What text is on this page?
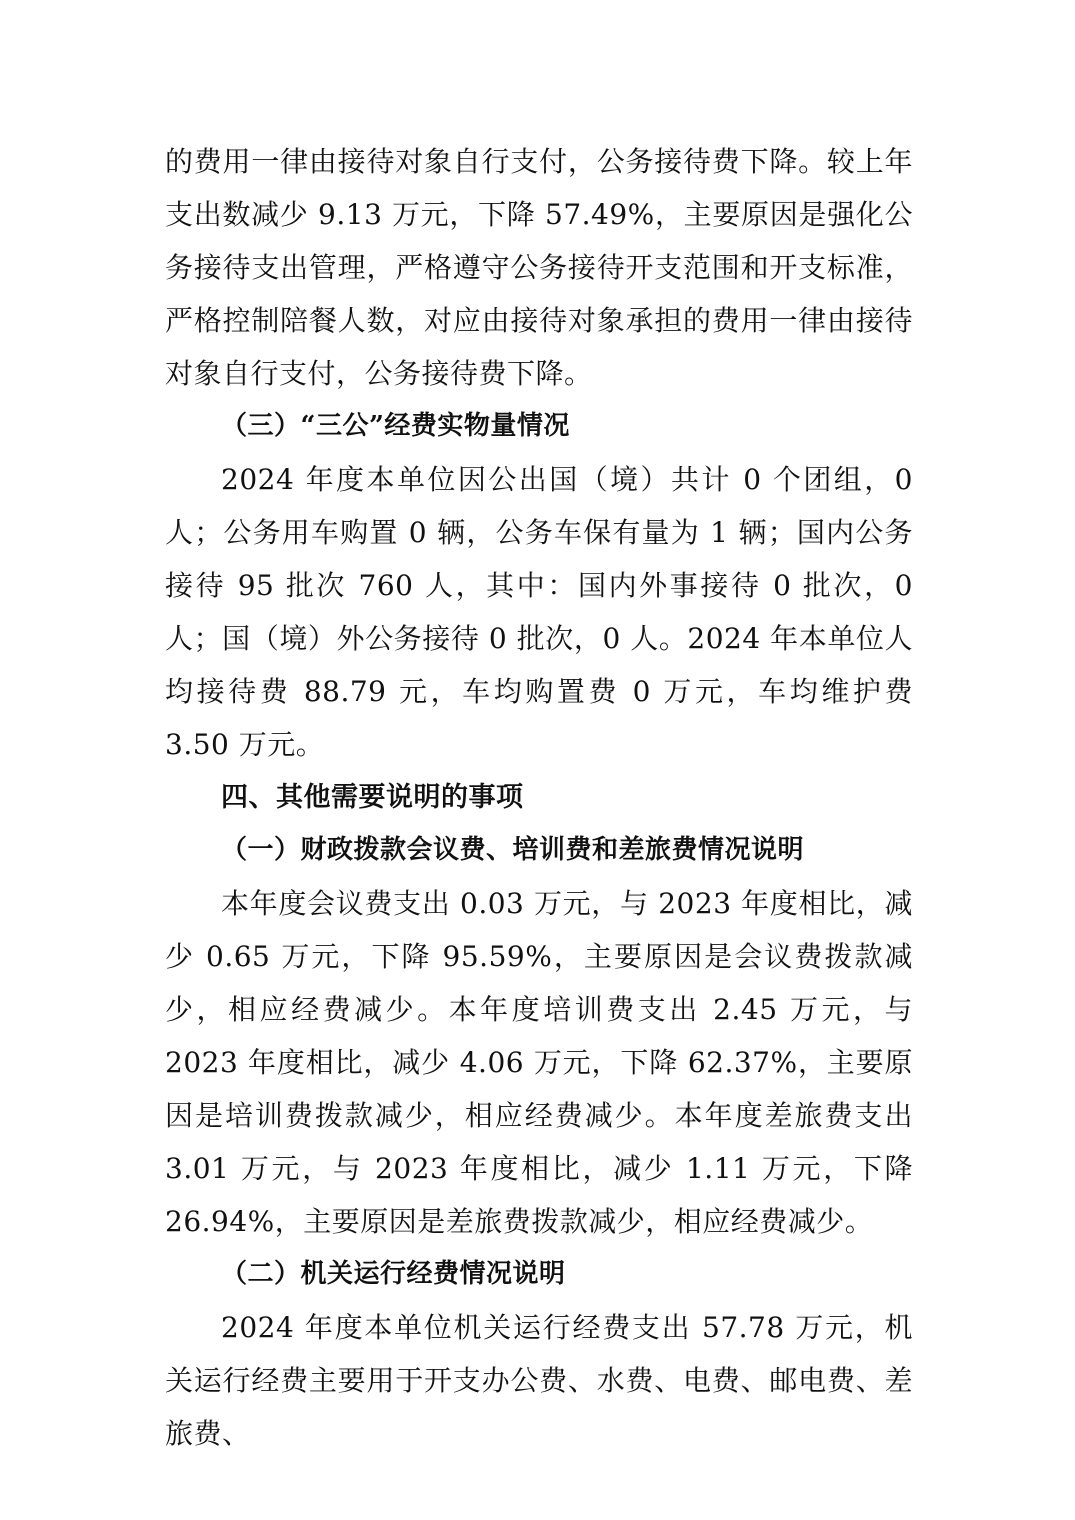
的费用一律由接待对象自行支付，公务接待费下降。较上年支出数减少 9.13 万元，下降 57.49%，主要原因是强化公务接待支出管理，严格遵守公务接待开支范围和开支标准，严格控制陪餐人数，对应由接待对象承担的费用一律由接待对象自行支付，公务接待费下降。

（三）“三公”经费实物量情况

2024 年度本单位因公出国（境）共计 0 个团组，0 人；公务用车购置 0 辆，公务车保有量为 1 辆；国内公务接待 95 批次 760 人，其中：国内外事接待 0 批次，0 人；国（境）外公务接待 0 批次，0 人。2024 年本单位人均接待费 88.79 元，车均购置费 0 万元，车均维护费 3.50 万元。

四、其他需要说明的事项

（一）财政拨款会议费、培训费和差旅费情况说明

本年度会议费支出 0.03 万元，与 2023 年度相比，减少 0.65 万元，下降 95.59%，主要原因是会议费拨款减少，相应经费减少。本年度培训费支出 2.45 万元，与 2023 年度相比，减少 4.06 万元，下降 62.37%，主要原因是培训费拨款减少，相应经费减少。本年度差旅费支出 3.01 万元，与 2023 年度相比，减少 1.11 万元，下降 26.94%，主要原因是差旅费拨款减少，相应经费减少。

（二）机关运行经费情况说明

2024 年度本单位机关运行经费支出 57.78 万元，机关运行经费主要用于开支办公费、水费、电费、邮电费、差旅费、
